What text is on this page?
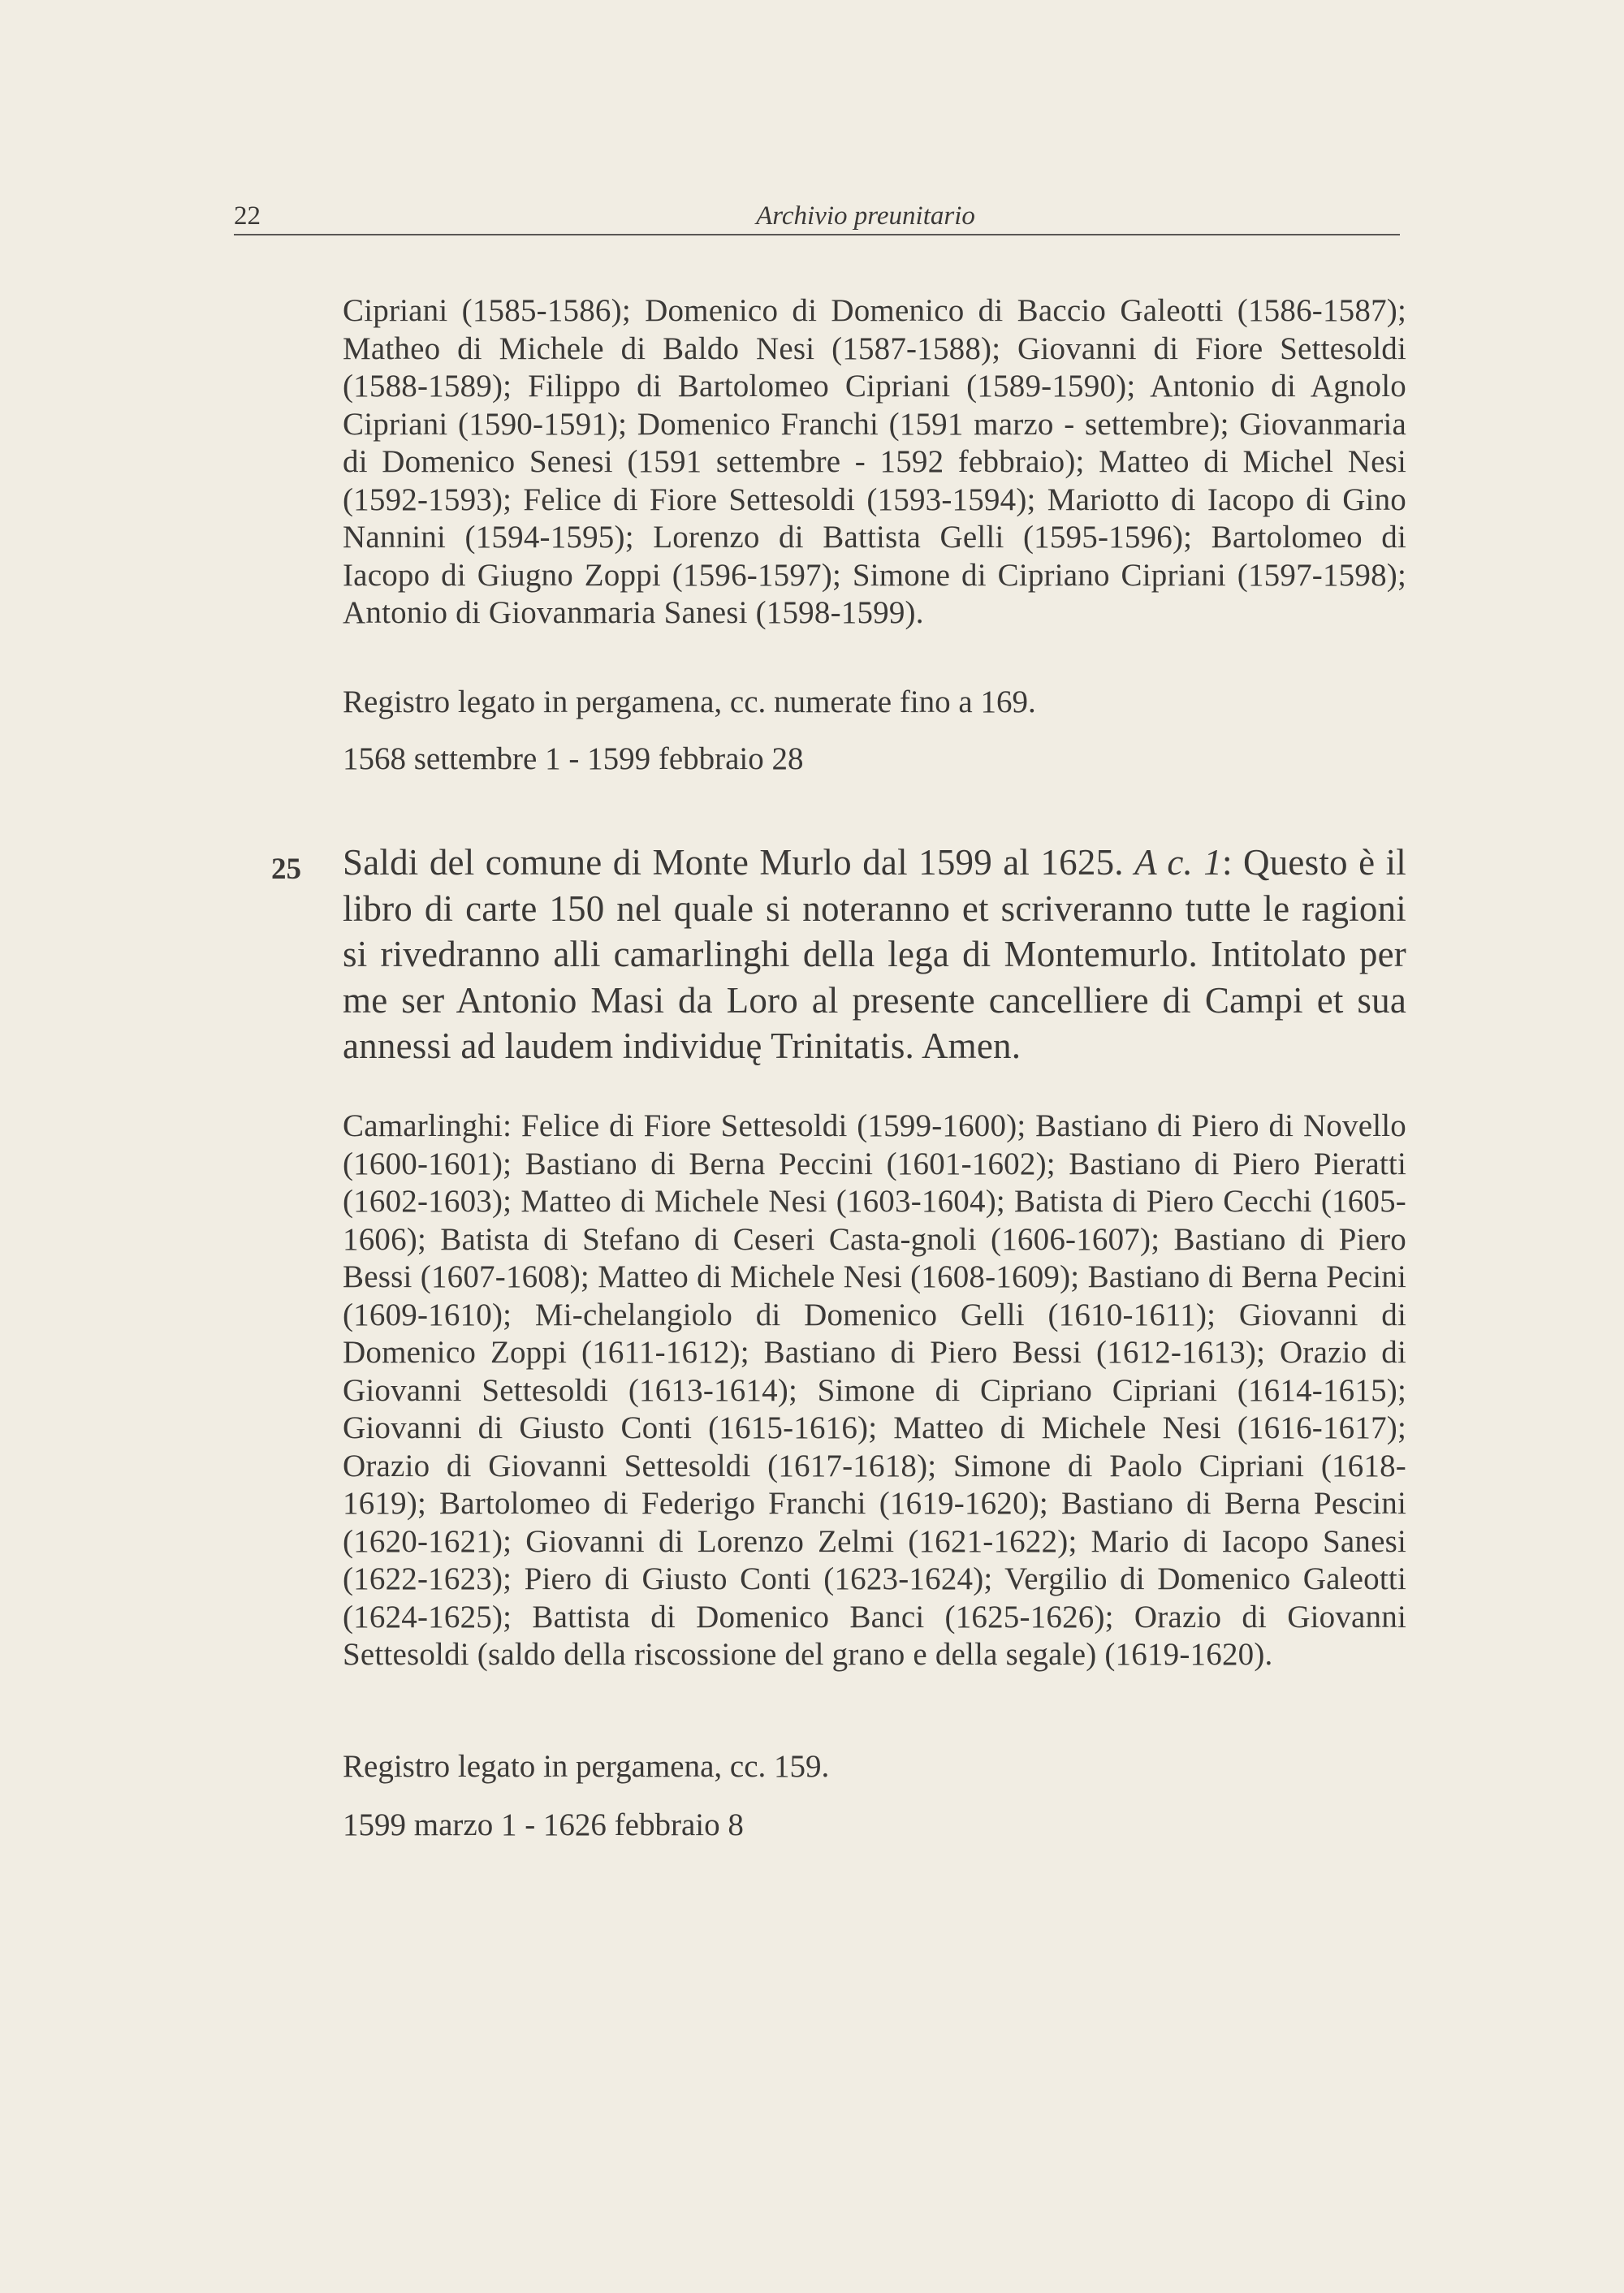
22	Archivio preunitario

Cipriani (1585-1586); Domenico di Domenico di Baccio Galeotti (1586-1587); Matheo di Michele di Baldo Nesi (1587-1588); Giovanni di Fiore Settesoldi (1588-1589); Filippo di Bartolomeo Cipriani (1589-1590); Antonio di Agnolo Cipriani (1590-1591); Domenico Franchi (1591 marzo - settembre); Giovanmaria di Domenico Senesi (1591 settembre - 1592 febbraio); Matteo di Michel Nesi (1592-1593); Felice di Fiore Settesoldi (1593-1594); Mariotto di Iacopo di Gino Nannini (1594-1595); Lorenzo di Battista Gelli (1595-1596); Bartolomeo di Iacopo di Giugno Zoppi (1596-1597); Simone di Cipriano Cipriani (1597-1598); Antonio di Giovanmaria Sanesi (1598-1599).

Registro legato in pergamena, cc. numerate fino a 169.
1568 settembre 1 - 1599 febbraio 28
25 Saldi del comune di Monte Murlo dal 1599 al 1625. A c. 1: Questo è il libro di carte 150 nel quale si noteranno et scriveranno tutte le ragioni si rivedranno alli camarlinghi della lega di Montemurlo. Intitolato per me ser Antonio Masi da Loro al presente cancelliere di Campi et sua annessi ad laudem individuę Trinitatis. Amen.

Camarlinghi: Felice di Fiore Settesoldi (1599-1600); Bastiano di Piero di Novello (1600-1601); Bastiano di Berna Peccini (1601-1602); Bastiano di Piero Pieratti (1602-1603); Matteo di Michele Nesi (1603-1604); Batista di Piero Cecchi (1605-1606); Batista di Stefano di Ceseri Casta-gnoli (1606-1607); Bastiano di Piero Bessi (1607-1608); Matteo di Michele Nesi (1608-1609); Bastiano di Berna Pecini (1609-1610); Mi-chelangiolo di Domenico Gelli (1610-1611); Giovanni di Domenico Zoppi (1611-1612); Bastiano di Piero Bessi (1612-1613); Orazio di Giovanni Settesoldi (1613-1614); Simone di Cipriano Cipriani (1614-1615); Giovanni di Giusto Conti (1615-1616); Matteo di Michele Nesi (1616-1617); Orazio di Giovanni Settesoldi (1617-1618); Simone di Paolo Cipriani (1618-1619); Bartolomeo di Federigo Franchi (1619-1620); Bastiano di Berna Pescini (1620-1621); Giovanni di Lorenzo Zelmi (1621-1622); Mario di Iacopo Sanesi (1622-1623); Piero di Giusto Conti (1623-1624); Vergilio di Domenico Galeotti (1624-1625); Battista di Domenico Banci (1625-1626); Orazio di Giovanni Settesoldi (saldo della riscossione del grano e della segale) (1619-1620).

Registro legato in pergamena, cc. 159.
1599 marzo 1 - 1626 febbraio 8
